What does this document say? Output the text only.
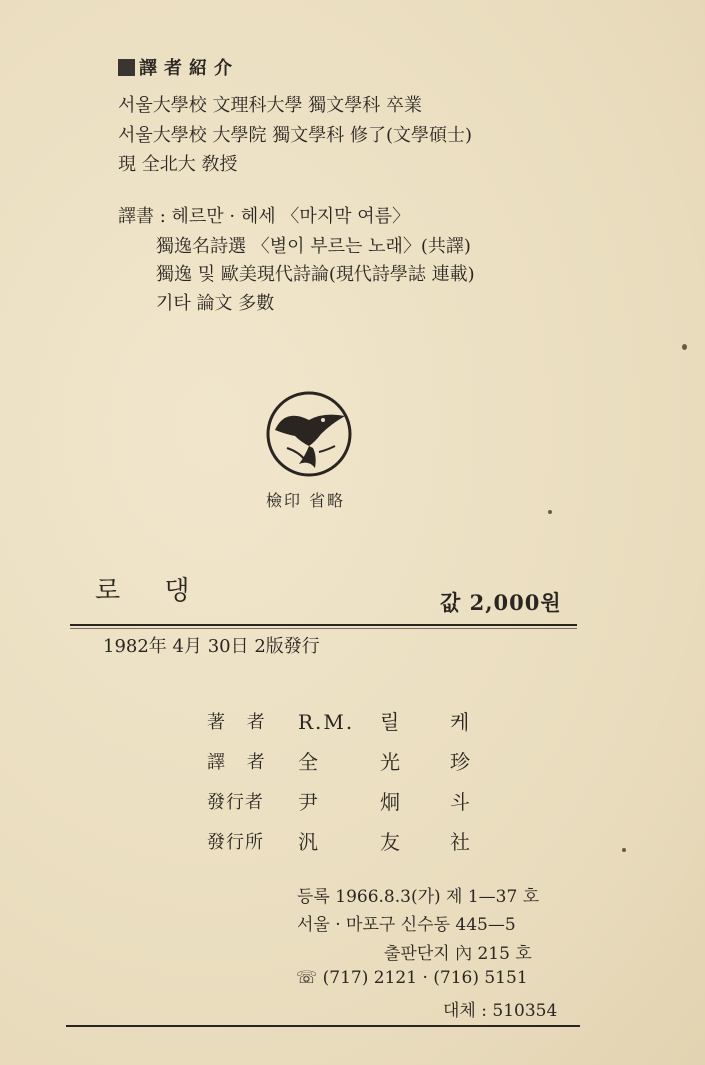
譯者紹介
서울大學校 文理科大學 獨文學科 卒業
서울大學校 大學院 獨文學科 修了(文學碩士)
現 全北大 敎授
譯書 : 헤르만 · 헤세 〈마지막 여름〉
獨逸名詩選 〈별이 부르는 노래〉(共譯)
獨逸 및 歐美現代詩論(現代詩學誌 連載)
기타 論文 多數
檢印 省略
로 댕	값 2,000원
1982年 4月 30日 2版發行
著 者 R.M. 릴 케
譯 者 全	光 珍
發行者 尹	炯 斗
發行所 汎	友 社
등록 1966.8.3(가) 제 1—37 호
서울 · 마포구 신수동 445—5
출판단지 內 215 호
☏ (717) 2121 · (716) 5151
대체 : 510354
